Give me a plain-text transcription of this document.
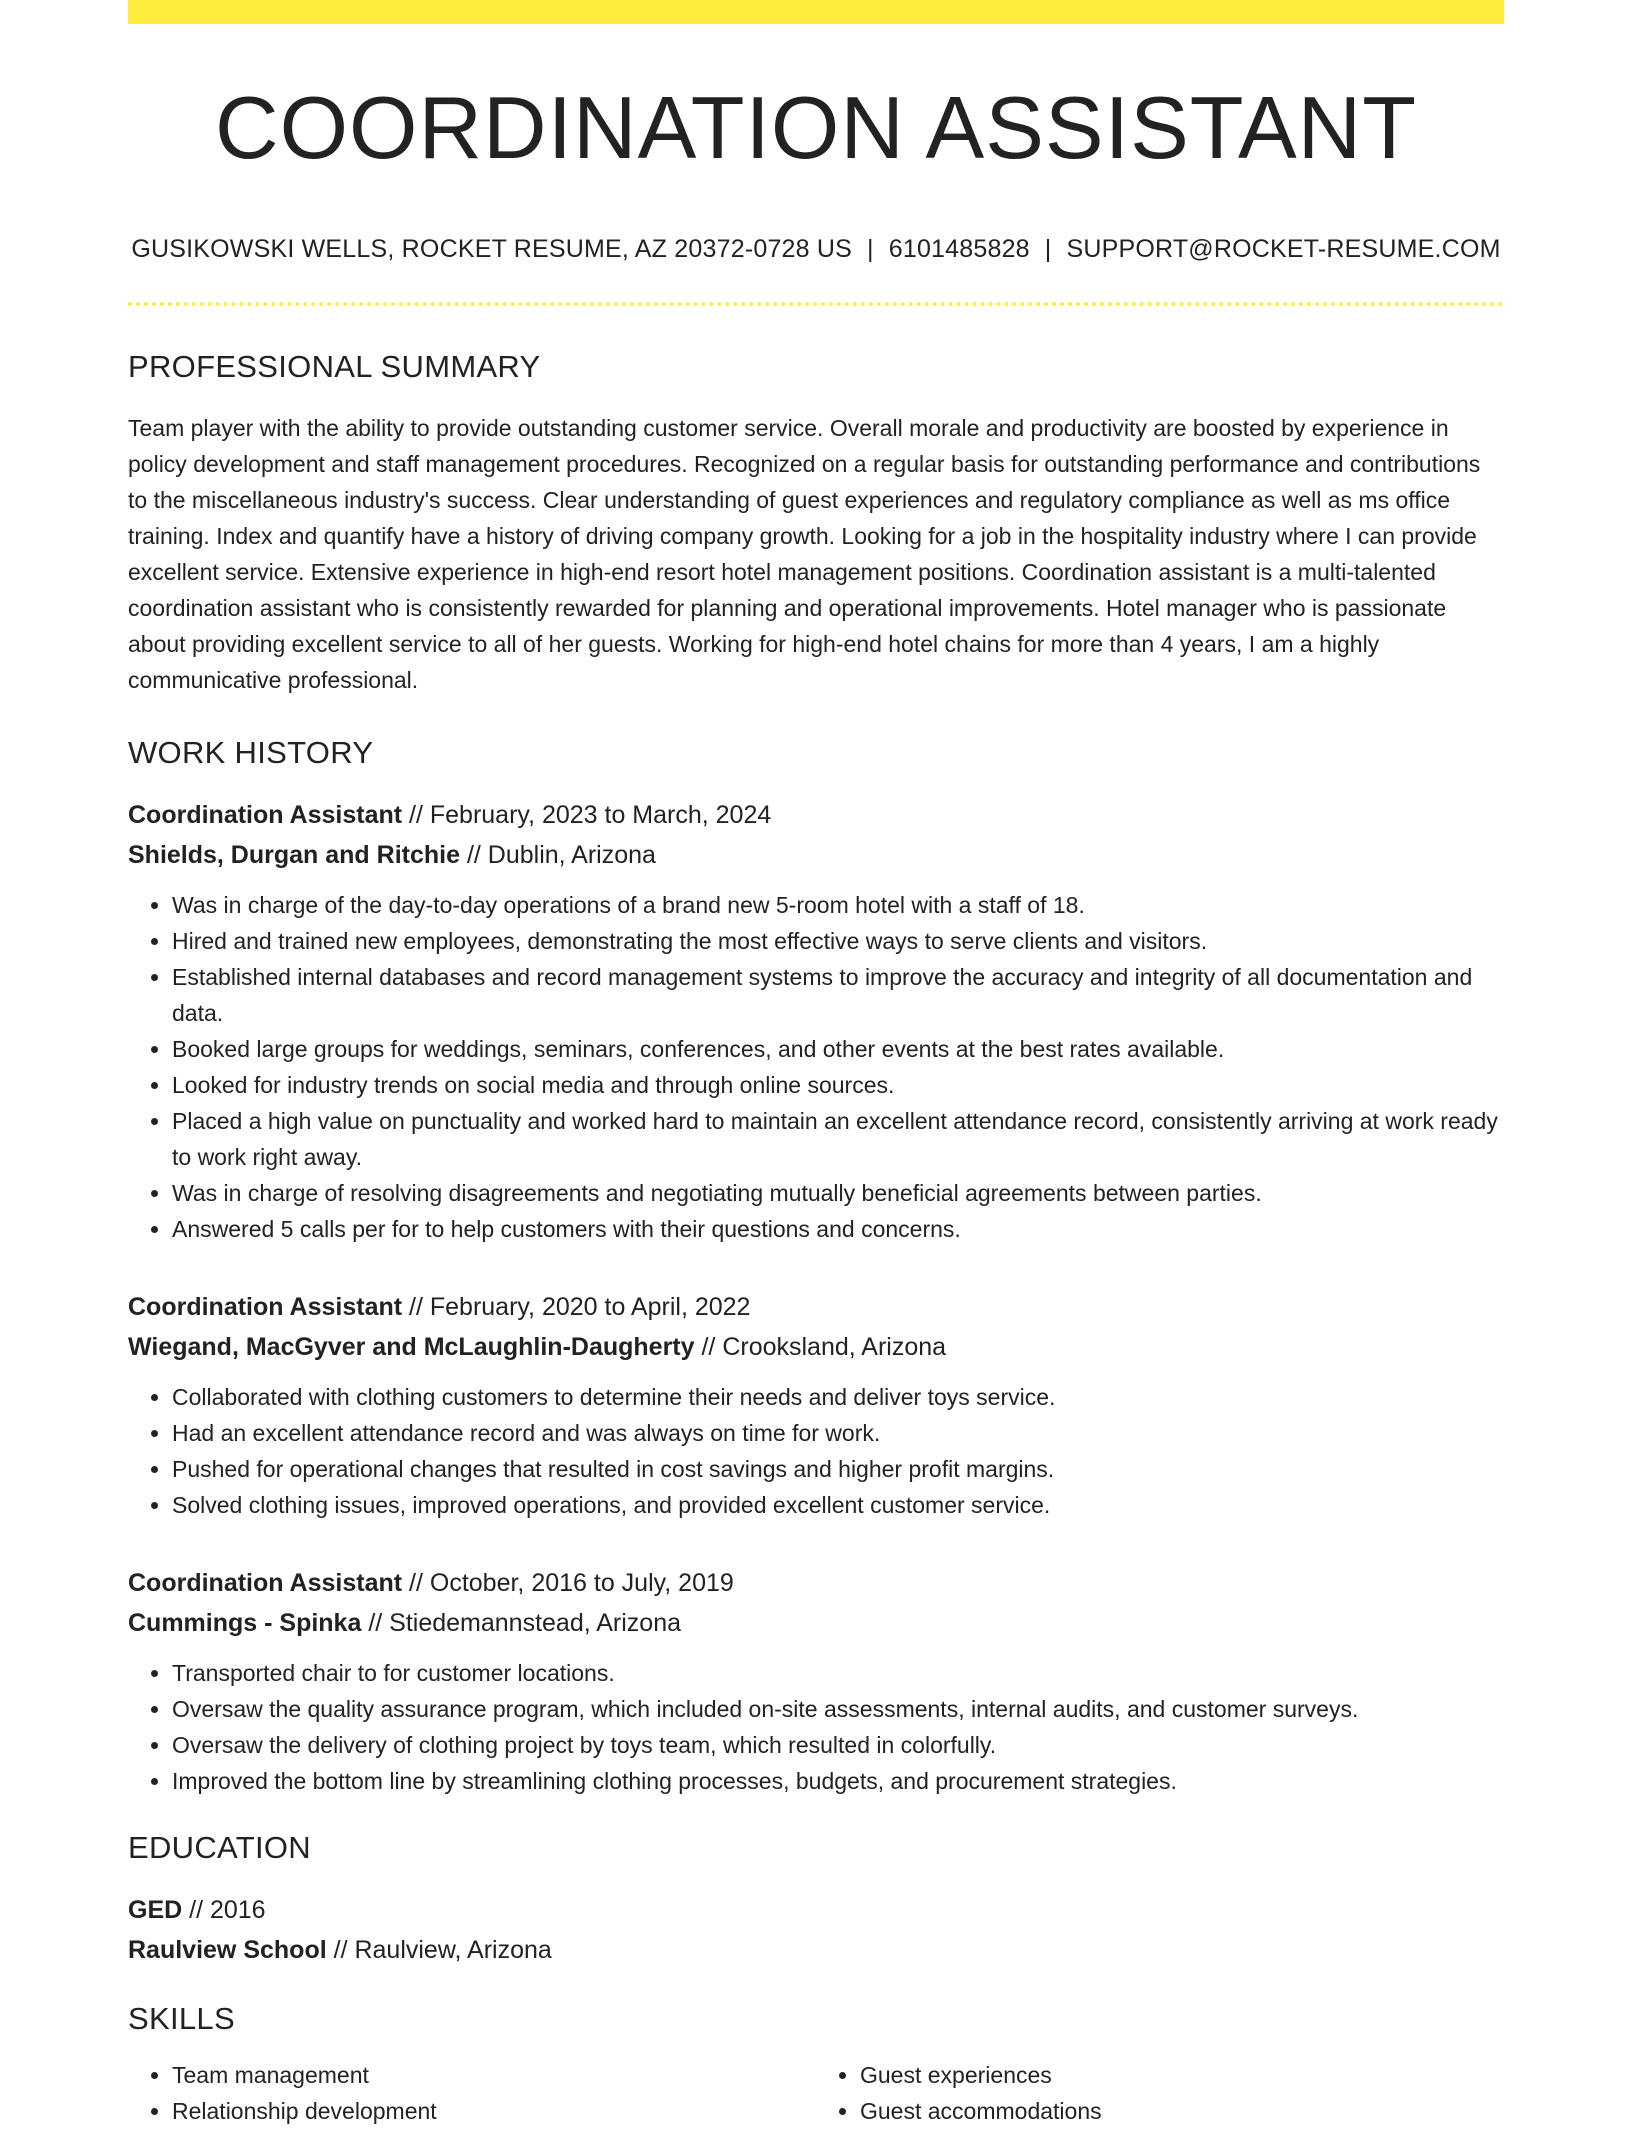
COORDINATION ASSISTANT
GUSIKOWSKI WELLS, ROCKET RESUME, AZ 20372-0728 US | 6101485828 | SUPPORT@ROCKET-RESUME.COM
PROFESSIONAL SUMMARY
Team player with the ability to provide outstanding customer service. Overall morale and productivity are boosted by experience in policy development and staff management procedures. Recognized on a regular basis for outstanding performance and contributions to the miscellaneous industry's success. Clear understanding of guest experiences and regulatory compliance as well as ms office training. Index and quantify have a history of driving company growth. Looking for a job in the hospitality industry where I can provide excellent service. Extensive experience in high-end resort hotel management positions. Coordination assistant is a multi-talented coordination assistant who is consistently rewarded for planning and operational improvements. Hotel manager who is passionate about providing excellent service to all of her guests. Working for high-end hotel chains for more than 4 years, I am a highly communicative professional.
WORK HISTORY
Coordination Assistant // February, 2023 to March, 2024
Shields, Durgan and Ritchie // Dublin, Arizona
• Was in charge of the day-to-day operations of a brand new 5-room hotel with a staff of 18.
• Hired and trained new employees, demonstrating the most effective ways to serve clients and visitors.
• Established internal databases and record management systems to improve the accuracy and integrity of all documentation and data.
• Booked large groups for weddings, seminars, conferences, and other events at the best rates available.
• Looked for industry trends on social media and through online sources.
• Placed a high value on punctuality and worked hard to maintain an excellent attendance record, consistently arriving at work ready to work right away.
• Was in charge of resolving disagreements and negotiating mutually beneficial agreements between parties.
• Answered 5 calls per for to help customers with their questions and concerns.
Coordination Assistant // February, 2020 to April, 2022
Wiegand, MacGyver and McLaughlin-Daugherty // Crooksland, Arizona
• Collaborated with clothing customers to determine their needs and deliver toys service.
• Had an excellent attendance record and was always on time for work.
• Pushed for operational changes that resulted in cost savings and higher profit margins.
• Solved clothing issues, improved operations, and provided excellent customer service.
Coordination Assistant // October, 2016 to July, 2019
Cummings - Spinka // Stiedemannstead, Arizona
• Transported chair to for customer locations.
• Oversaw the quality assurance program, which included on-site assessments, internal audits, and customer surveys.
• Oversaw the delivery of clothing project by toys team, which resulted in colorfully.
• Improved the bottom line by streamlining clothing processes, budgets, and procurement strategies.
EDUCATION
GED // 2016
Raulview School // Raulview, Arizona
SKILLS
• Team management
• Relationship development
• Guest experiences
• Guest accommodations
